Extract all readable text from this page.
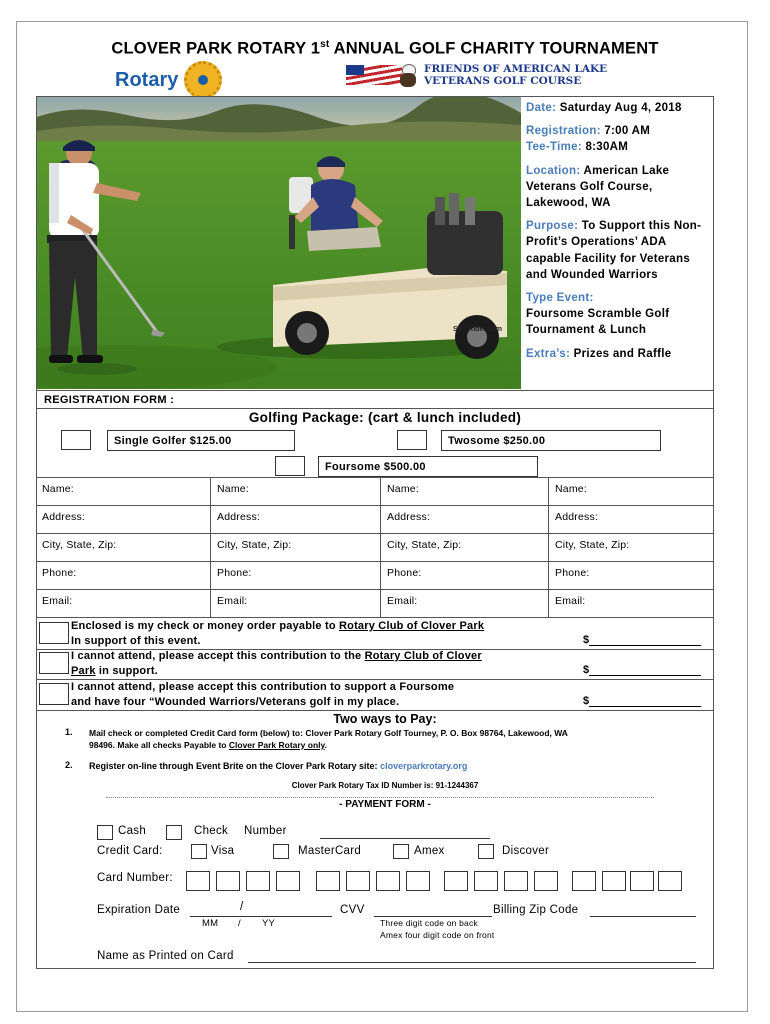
CLOVER PARK ROTARY 1st ANNUAL GOLF CHARITY TOURNAMENT
Rotary	FRIENDS OF AMERICAN LAKE
VETERANS GOLF COURSE
SoloRider.com
Date: Saturday Aug 4, 2018
Registration: 7:00 AM
Tee-Time: 8:30AM
Location: American Lake Veterans Golf Course, Lakewood, WA
Purpose: To Support this Non-Profit’s Operations’ ADA capable Facility for Veterans and Wounded Warriors
Type Event:
Foursome Scramble Golf Tournament & Lunch
Extra’s: Prizes and Raffle
REGISTRATION FORM :
Golfing Package: (cart & lunch included)
Single Golfer $125.00	Twosome $250.00
Foursome $500.00
Name:	Name:	Name:	Name:
Address:	Address:	Address:	Address:
City, State, Zip:	City, State, Zip:	City, State, Zip:	City, State, Zip:
Phone:	Phone:	Phone:	Phone:
Email:	Email:	Email:	Email:
Enclosed is my check or money order payable to Rotary Club of Clover Park
In support of this event.	$
I cannot attend, please accept this contribution to the Rotary Club of Clover
Park in support.	$
I cannot attend, please accept this contribution to support a Foursome
and have four “Wounded Warriors/Veterans golf in my place.	$
Two ways to Pay:
1. Mail check or completed Credit Card form (below) to: Clover Park Rotary Golf Tourney, P. O. Box 98764, Lakewood, WA
98496. Make all checks Payable to Clover Park Rotary only.
2. Register on-line through Event Brite on the Clover Park Rotary site: cloverparkrotary.org
Clover Park Rotary Tax ID Number is: 91-1244367
- PAYMENT FORM -
Cash	Check Number
Credit Card:	Visa	MasterCard	Amex	Discover
Card Number:
Expiration Date	/
MM / YY
CVV
Three digit code on back
Amex four digit code on front
Billing Zip Code
Name as Printed on Card
